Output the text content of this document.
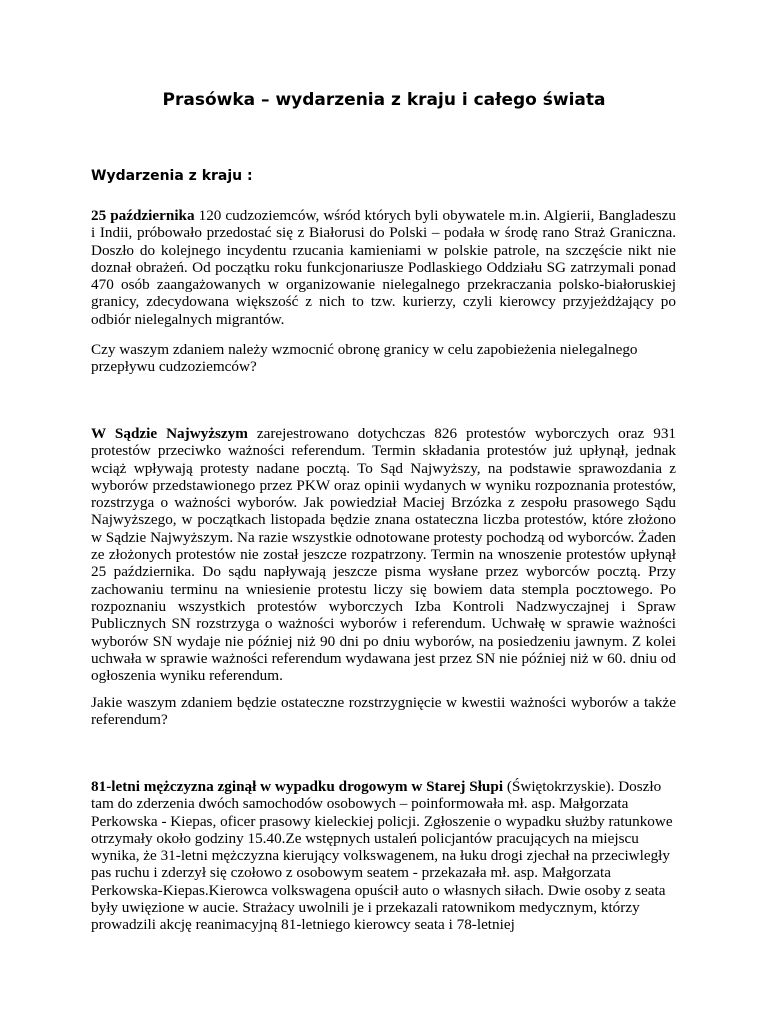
Prasówka – wydarzenia z kraju i całego świata
Wydarzenia z kraju :

25 października 120 cudzoziemców, wśród których byli obywatele m.in. Algierii, Bangladeszu i Indii, próbowało przedostać się z Białorusi do Polski – podała w środę rano Straż Graniczna. Doszło do kolejnego incydentu rzucania kamieniami w polskie patrole, na szczęście nikt nie doznał obrażeń. Od początku roku funkcjonariusze Podlaskiego Oddziału SG zatrzymali ponad 470 osób zaangażowanych w organizowanie nielegalnego przekraczania polsko-białoruskiej granicy, zdecydowana większość z nich to tzw. kurierzy, czyli kierowcy przyjeżdżający po odbiór nielegalnych migrantów.

Czy waszym zdaniem należy wzmocnić obronę granicy w celu zapobieżenia nielegalnego przepływu cudzoziemców?

W Sądzie Najwyższym zarejestrowano dotychczas 826 protestów wyborczych oraz 931 protestów przeciwko ważności referendum. Termin składania protestów już upłynął, jednak wciąż wpływają protesty nadane pocztą. To Sąd Najwyższy, na podstawie sprawozdania z wyborów przedstawionego przez PKW oraz opinii wydanych w wyniku rozpoznania protestów, rozstrzyga o ważności wyborów. Jak powiedział Maciej Brzózka z zespołu prasowego Sądu Najwyższego, w początkach listopada będzie znana ostateczna liczba protestów, które złożono w Sądzie Najwyższym. Na razie wszystkie odnotowane protesty pochodzą od wyborców. Żaden ze złożonych protestów nie został jeszcze rozpatrzony. Termin na wnoszenie protestów upłynął 25 października. Do sądu napływają jeszcze pisma wysłane przez wyborców pocztą. Przy zachowaniu terminu na wniesienie protestu liczy się bowiem data stempla pocztowego. Po rozpoznaniu wszystkich protestów wyborczych Izba Kontroli Nadzwyczajnej i Spraw Publicznych SN rozstrzyga o ważności wyborów i referendum. Uchwałę w sprawie ważności wyborów SN wydaje nie później niż 90 dni po dniu wyborów, na posiedzeniu jawnym. Z kolei uchwała w sprawie ważności referendum wydawana jest przez SN nie później niż w 60. dniu od ogłoszenia wyniku referendum.

Jakie waszym zdaniem będzie ostateczne rozstrzygnięcie w kwestii ważności wyborów a także referendum?

81-letni mężczyzna zginął w wypadku drogowym w Starej Słupi (Świętokrzyskie). Doszło tam do zderzenia dwóch samochodów osobowych – poinformowała mł. asp. Małgorzata Perkowska - Kiepas, oficer prasowy kieleckiej policji. Zgłoszenie o wypadku służby ratunkowe otrzymały około godziny 15.40.Ze wstępnych ustaleń policjantów pracujących na miejscu wynika, że 31-letni mężczyzna kierujący volkswagenem, na łuku drogi zjechał na przeciwległy pas ruchu i zderzył się czołowo z osobowym seatem - przekazała mł. asp. Małgorzata Perkowska-Kiepas.Kierowca volkswagena opuścił auto o własnych siłach. Dwie osoby z seata były uwięzione w aucie. Strażacy uwolnili je i przekazali ratownikom medycznym, którzy prowadzili akcję reanimacyjną 81-letniego kierowcy seata i 78-letniej
